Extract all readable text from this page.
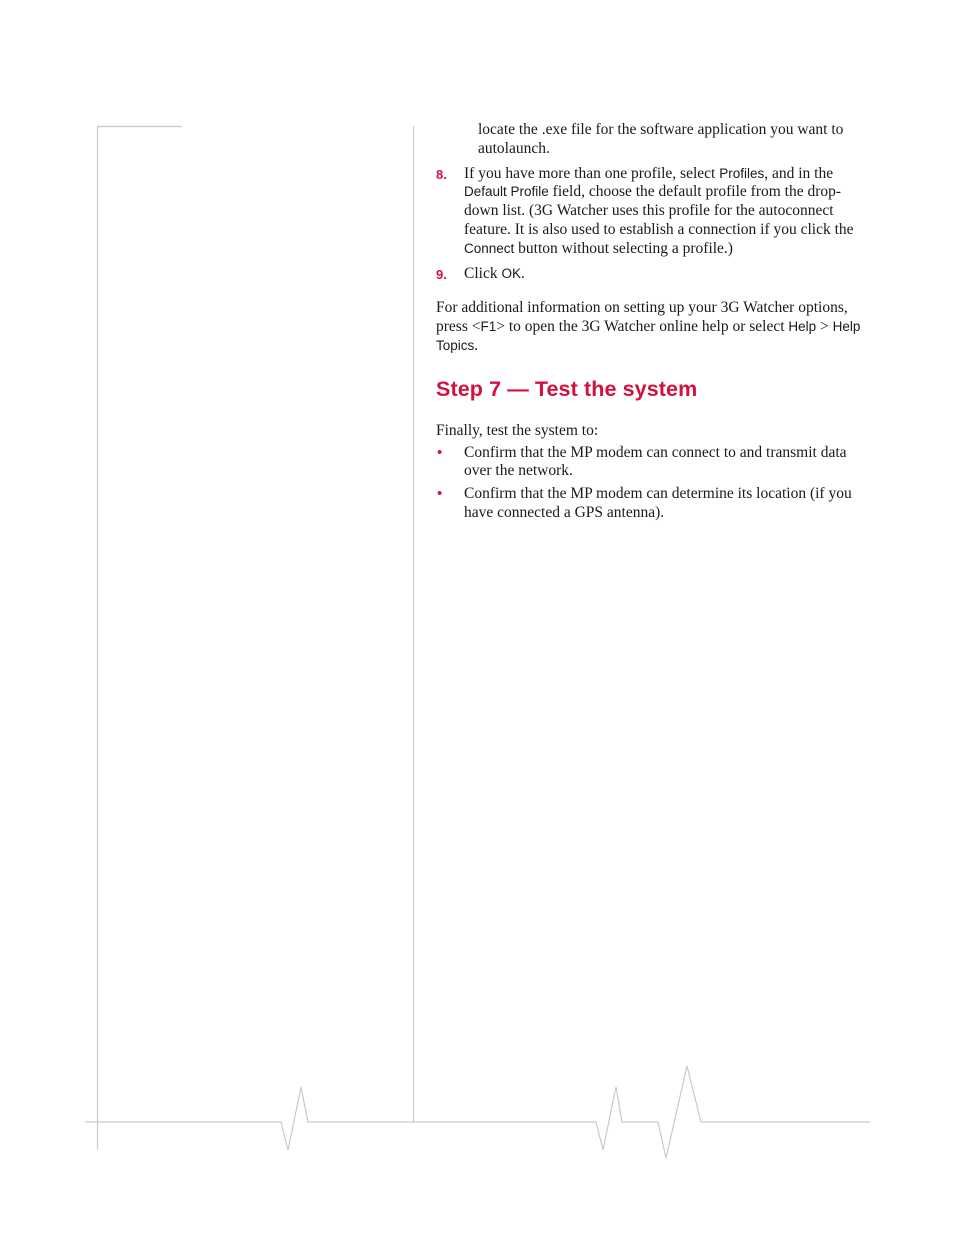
locate the .exe file for the software application you want to autolaunch.

8. If you have more than one profile, select Profiles, and in the Default Profile field, choose the default profile from the drop-down list. (3G Watcher uses this profile for the autoconnect feature. It is also used to establish a connection if you click the Connect button without selecting a profile.)
9. Click OK.

For additional information on setting up your 3G Watcher options, press <F1> to open the 3G Watcher online help or select Help > Help Topics.

Step 7 — Test the system

Finally, test the system to:

• Confirm that the MP modem can connect to and transmit data over the network.
• Confirm that the MP modem can determine its location (if you have connected a GPS antenna).
